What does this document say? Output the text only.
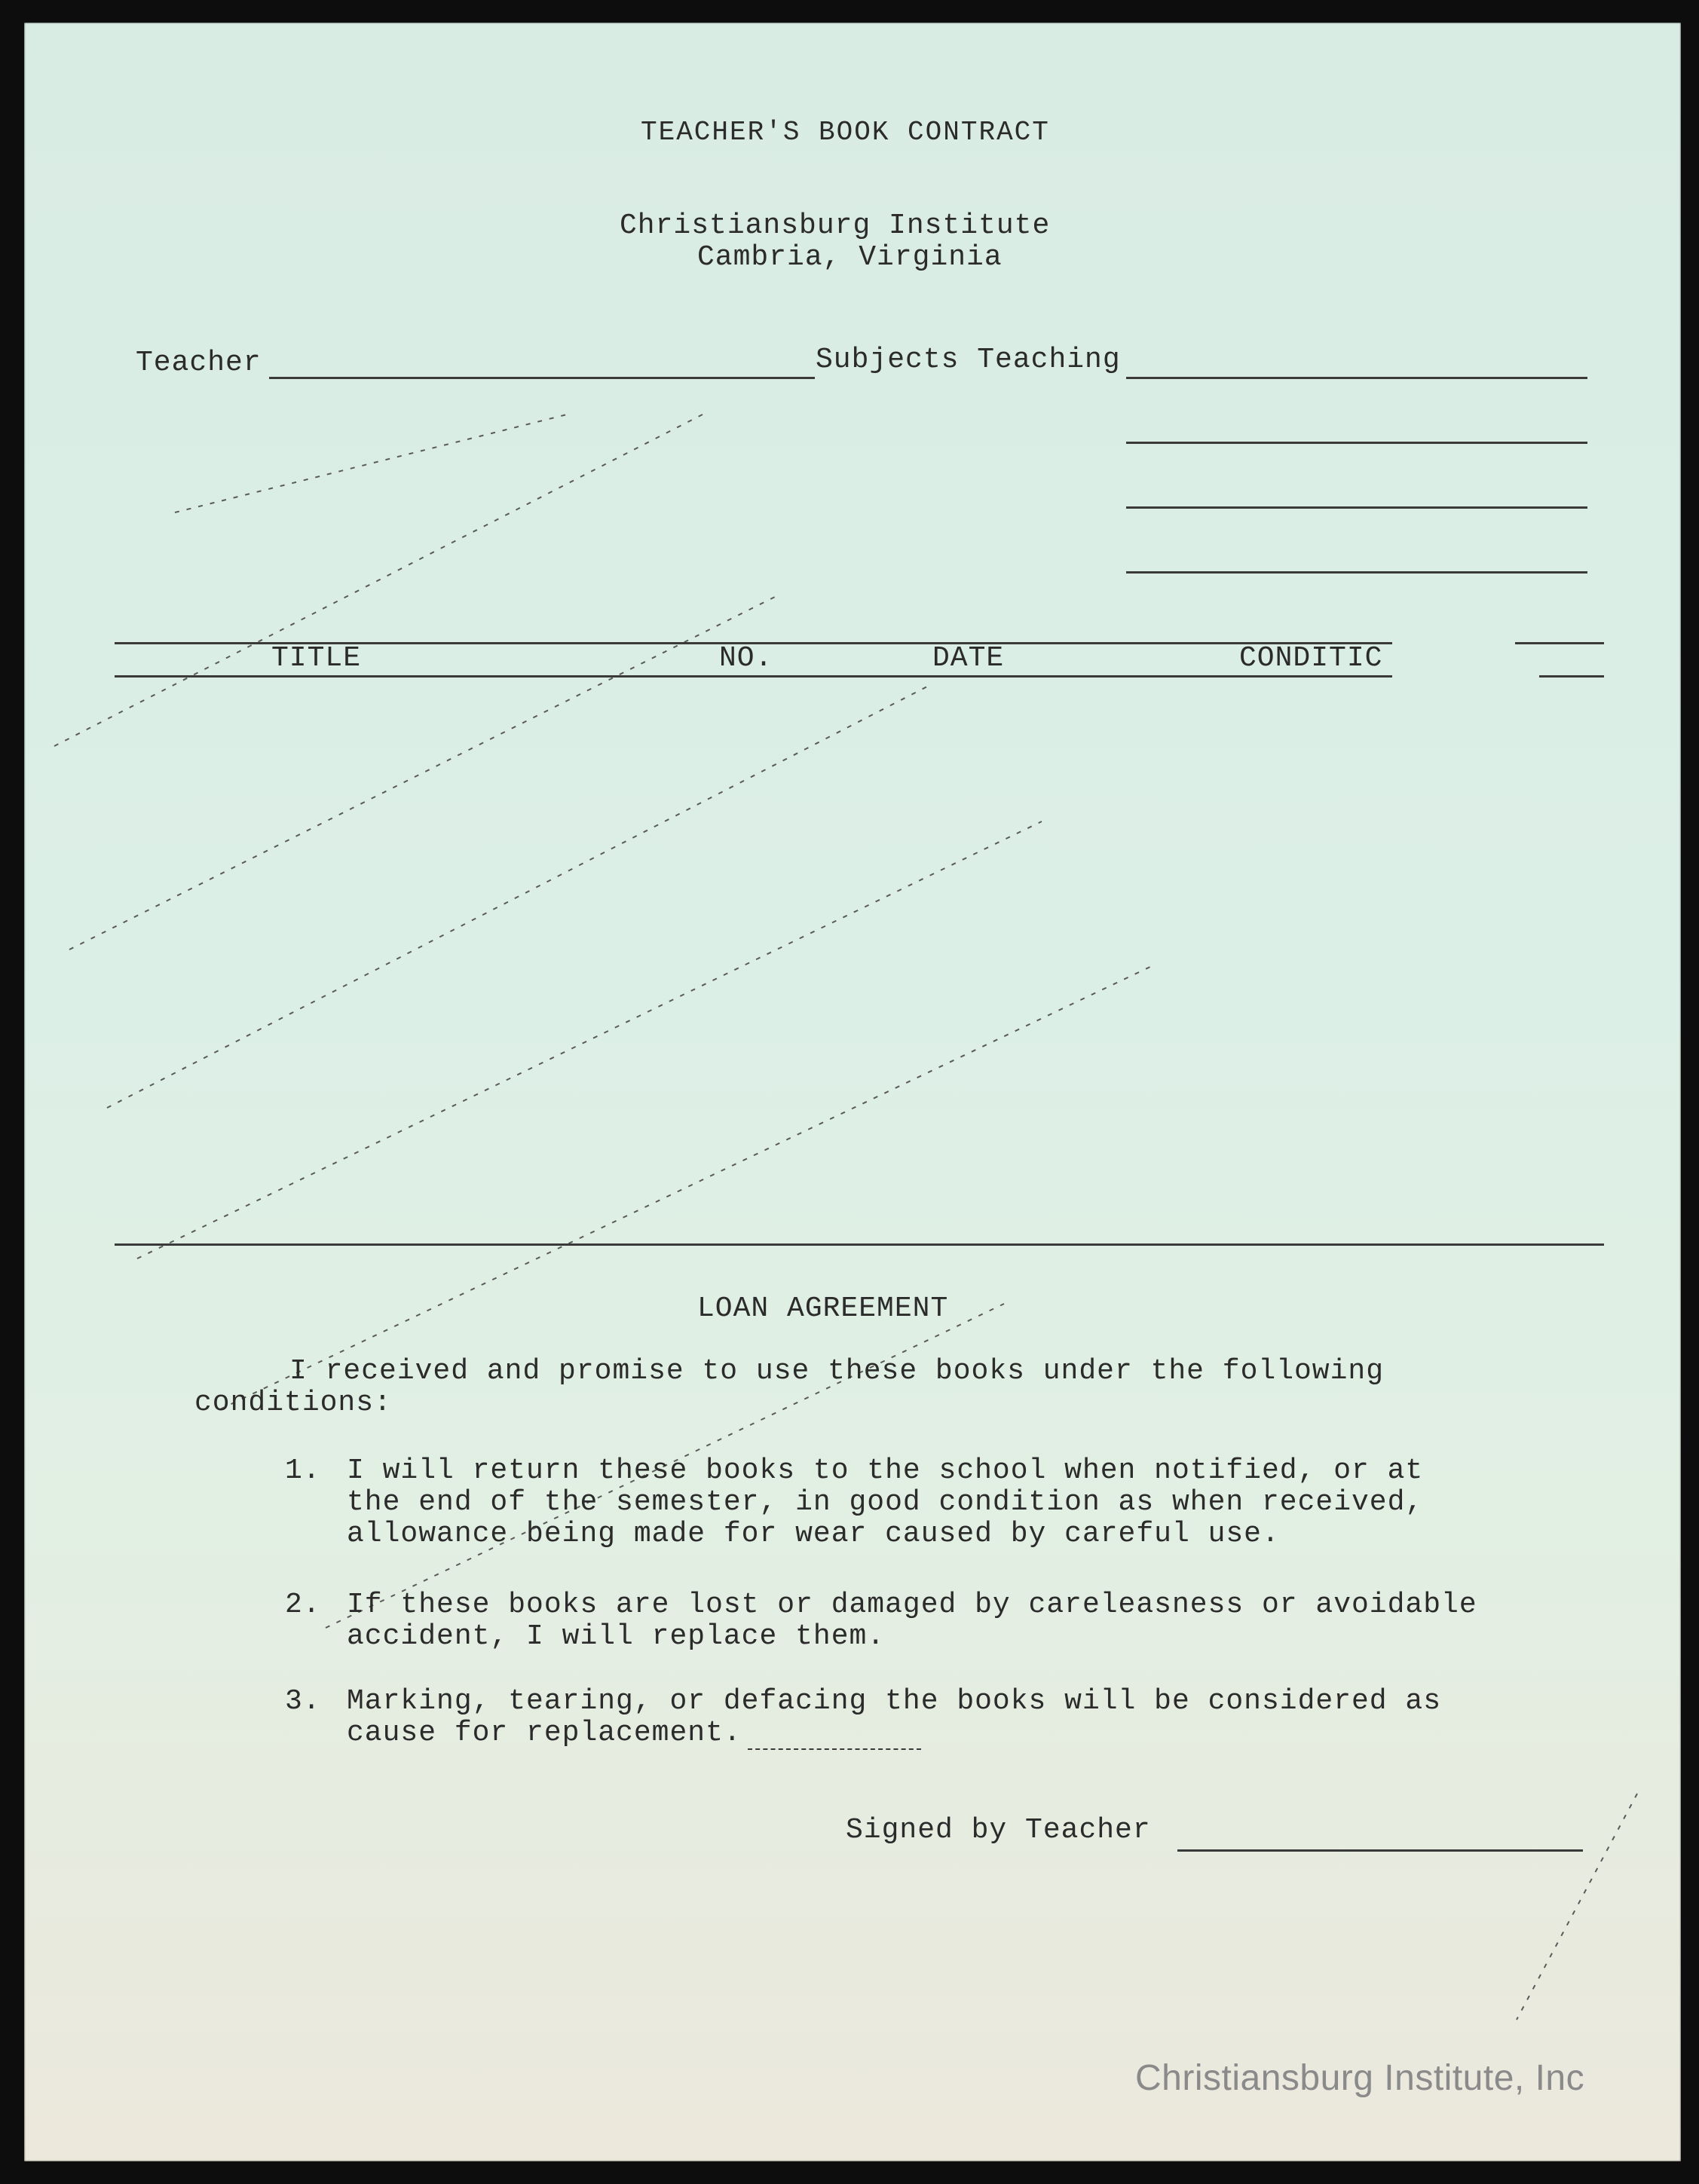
TEACHER'S BOOK CONTRACT
Christiansburg Institute
Cambria, Virginia
Teacher	Subjects Teaching
TITLE	NO.	DATE	CONDITIC
LOAN AGREEMENT
I received and promise to use these books under the following
conditions:
1. I will return these books to the school when notified, or at
the end of the semester, in good condition as when received,
allowance being made for wear caused by careful use.
2. If these books are lost or damaged by careleasness or avoidable
accident, I will replace them.
3. Marking, tearing, or defacing the books will be considered as
cause for replacement.
Signed by Teacher
Christiansburg Institute, Inc
